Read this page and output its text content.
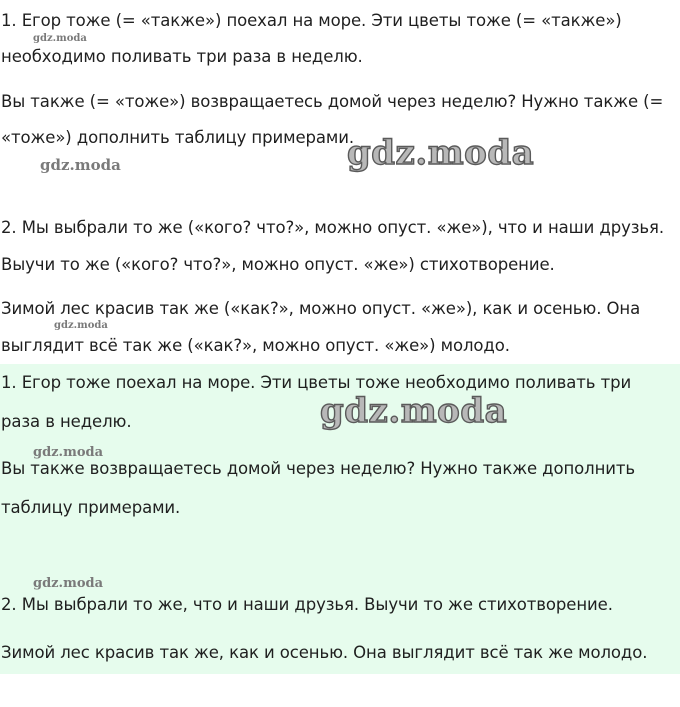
1. Егор тоже (= «также») поехал на море. Эти цветы тоже (= «также»)
необходимо поливать три раза в неделю.
Вы также (= «тоже») возвращаетесь домой через неделю? Нужно также (=
«тоже») дополнить таблицу примерами.
2. Мы выбрали то же («кого? что?», можно опуст. «же»), что и наши друзья.
Выучи то же («кого? что?», можно опуст. «же») стихотворение.
Зимой лес красив так же («как?», можно опуст. «же»), как и осенью. Она
выглядит всё так же («как?», можно опуст. «же») молодо.
1. Егор тоже поехал на море. Эти цветы тоже необходимо поливать три
раза в неделю.
Вы также возвращаетесь домой через неделю? Нужно также дополнить
таблицу примерами.
2. Мы выбрали то же, что и наши друзья. Выучи то же стихотворение.
Зимой лес красив так же, как и осенью. Она выглядит всё так же молодо.
gdz.moda
gdz.moda	gdz.moda
gdz.moda
gdz.moda
gdz.moda
gdz.moda
